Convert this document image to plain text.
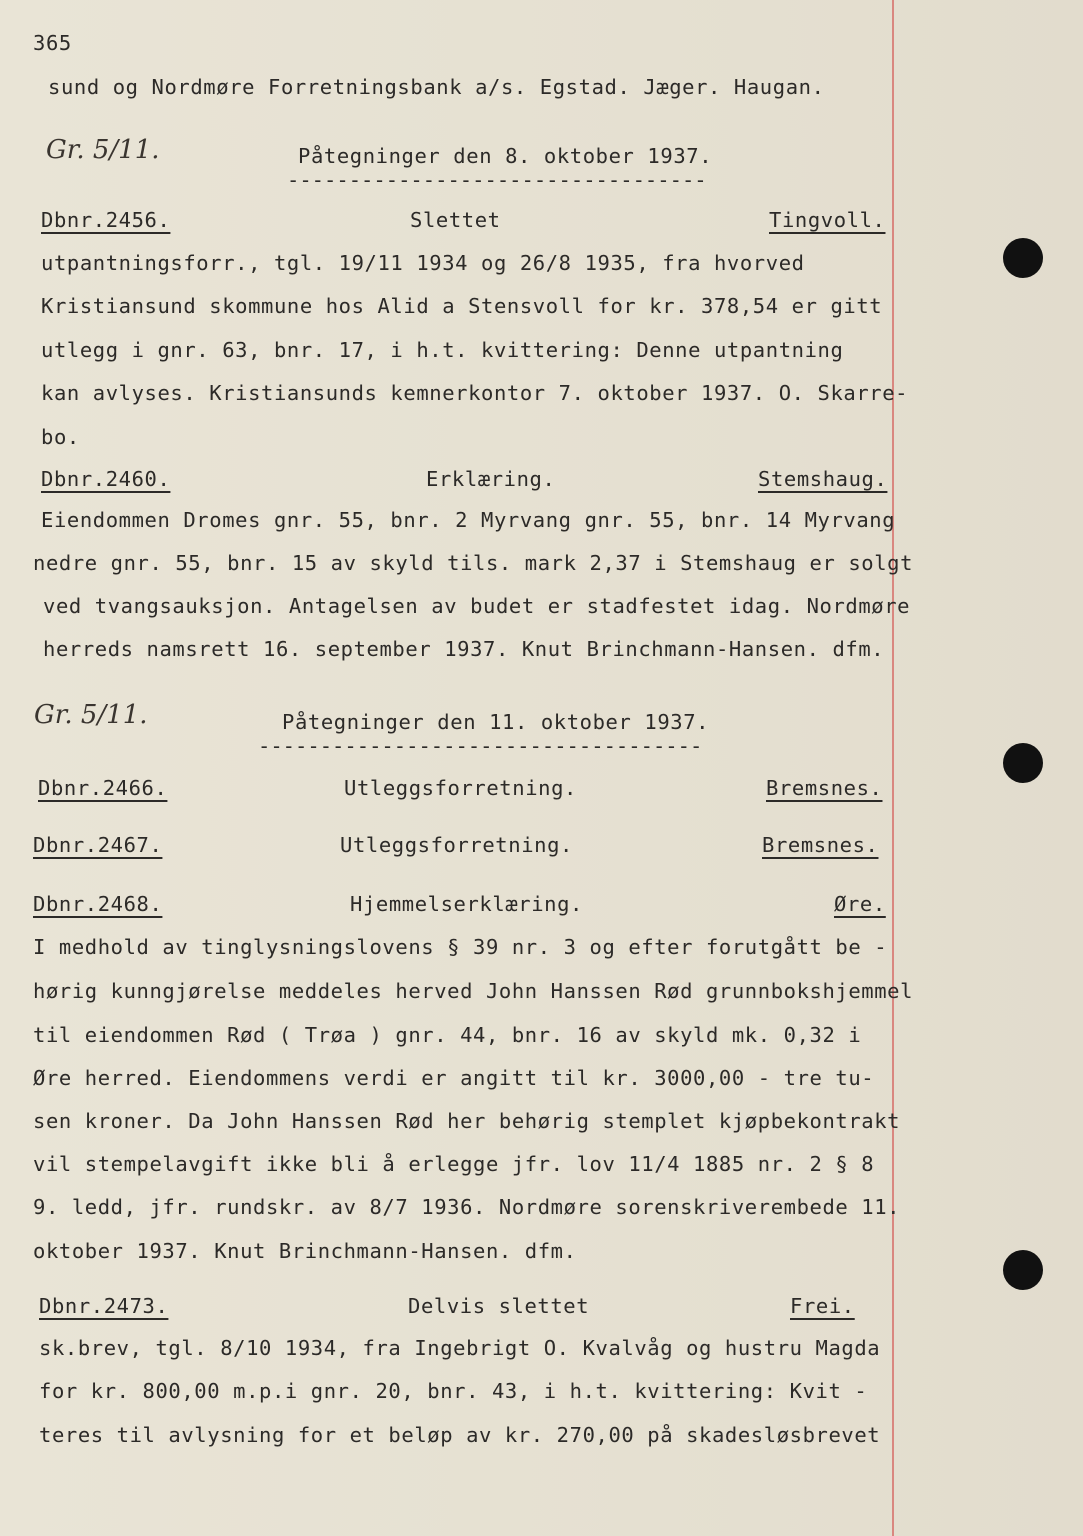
365
sund og Nordmøre Forretningsbank a/s. Egstad. Jæger. Haugan.
Gr. 5/11.	Påtegninger den 8. oktober 1937.
----------------------------------
Dbnr.2456.	Slettet	Tingvoll.
utpantningsforr., tgl. 19/11 1934 og 26/8 1935, fra hvorved
Kristiansund skommune hos Alid a Stensvoll for kr. 378,54 er gitt
utlegg i gnr. 63, bnr. 17, i h.t. kvittering: Denne utpantning
kan avlyses. Kristiansunds kemnerkontor 7. oktober 1937. O. Skarre-
bo.
Dbnr.2460.	Erklæring.	Stemshaug.
Eiendommen Dromes gnr. 55, bnr. 2 Myrvang gnr. 55, bnr. 14 Myrvang
nedre gnr. 55, bnr. 15 av skyld tils. mark 2,37 i Stemshaug er solgt
ved tvangsauksjon. Antagelsen av budet er stadfestet idag. Nordmøre
herreds namsrett 16. september 1937. Knut Brinchmann-Hansen. dfm.
Gr. 5/11.	Påtegninger den 11. oktober 1937.
------------------------------------
Dbnr.2466.	Utleggsforretning.	Bremsnes.
Dbnr.2467.	Utleggsforretning.	Bremsnes.
Dbnr.2468.	Hjemmelserklæring.	Øre.
I medhold av tinglysningslovens § 39 nr. 3 og efter forutgått be -
hørig kunngjørelse meddeles herved John Hanssen Rød grunnbokshjemmel
til eiendommen Rød ( Trøa ) gnr. 44, bnr. 16 av skyld mk. 0,32 i
Øre herred. Eiendommens verdi er angitt til kr. 3000,00 - tre tu-
sen kroner. Da John Hanssen Rød her behørig stemplet kjøpbekontrakt
vil stempelavgift ikke bli å erlegge jfr. lov 11/4 1885 nr. 2 § 8
9. ledd, jfr. rundskr. av 8/7 1936. Nordmøre sorenskriverembede 11.
oktober 1937. Knut Brinchmann-Hansen. dfm.
Dbnr.2473.	Delvis slettet	Frei.
sk.brev, tgl. 8/10 1934, fra Ingebrigt O. Kvalvåg og hustru Magda
for kr. 800,00 m.p.i gnr. 20, bnr. 43, i h.t. kvittering: Kvit -
teres til avlysning for et beløp av kr. 270,00 på skadesløsbrevet
